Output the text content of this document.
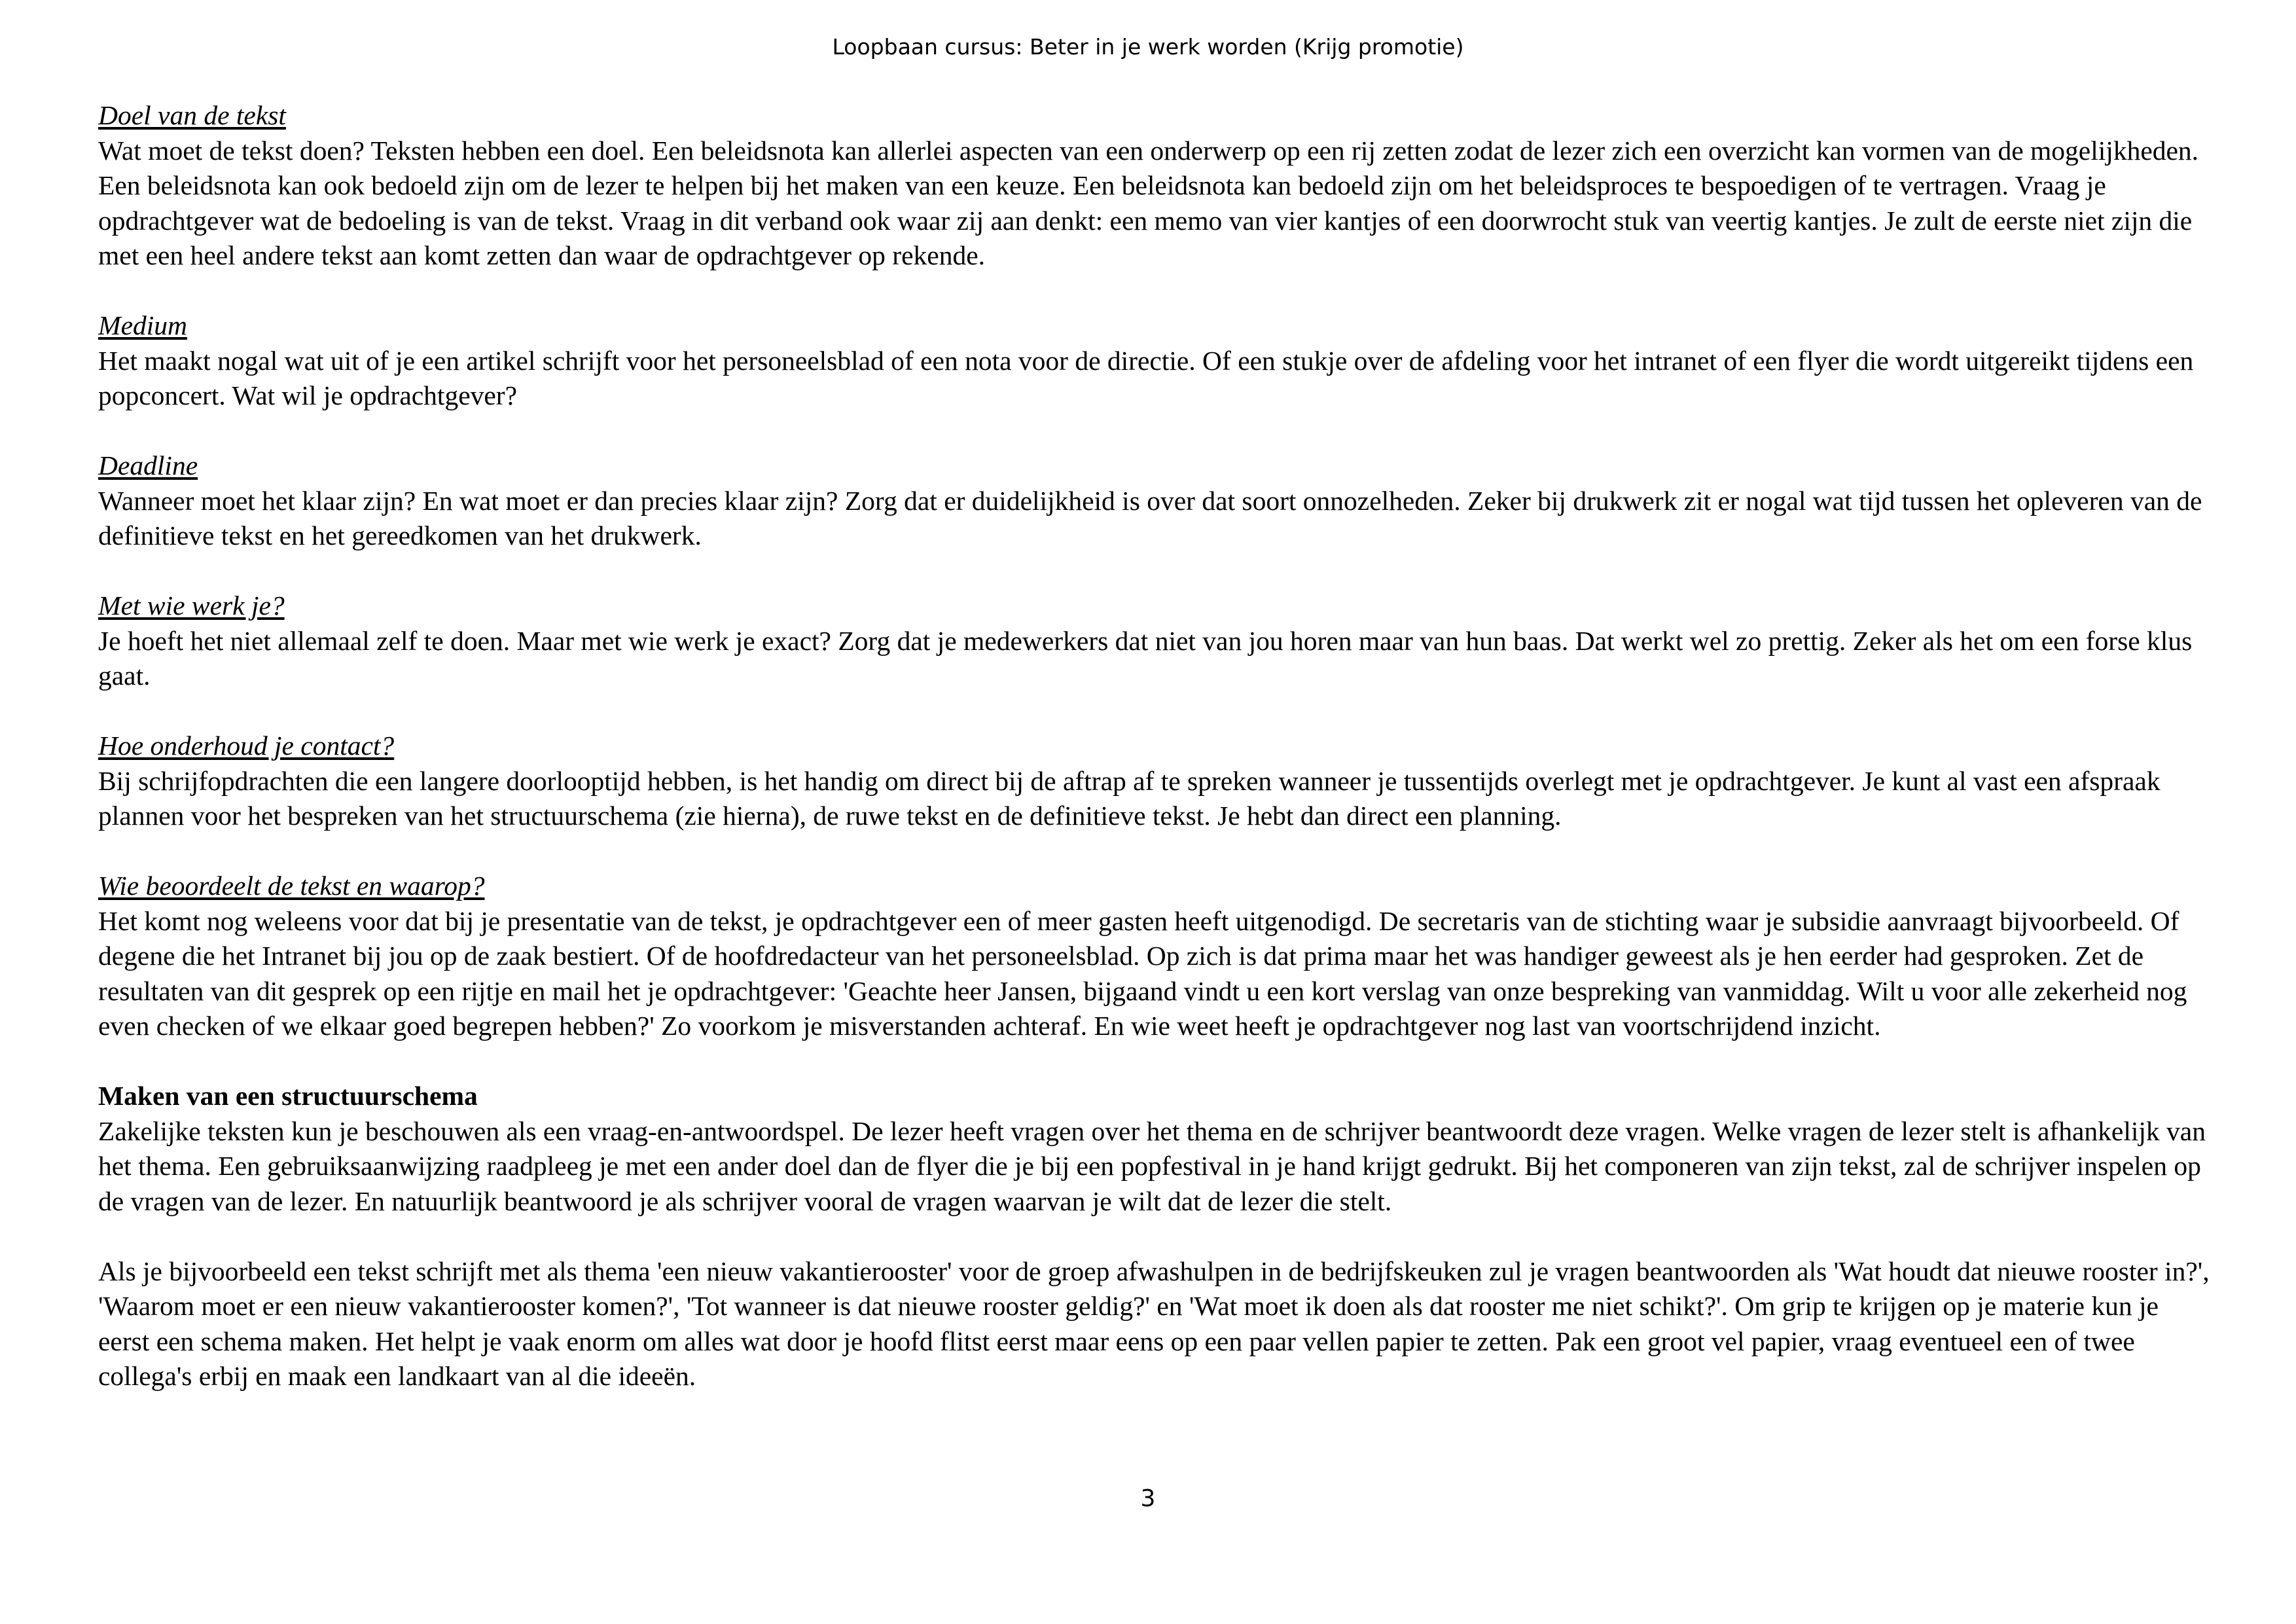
Loopbaan cursus: Beter in je werk worden (Krijg promotie)
Doel van de tekst
Wat moet de tekst doen? Teksten hebben een doel. Een beleidsnota kan allerlei aspecten van een onderwerp op een rij zetten zodat de lezer zich een overzicht kan vormen van de mogelijkheden. Een beleidsnota kan ook bedoeld zijn om de lezer te helpen bij het maken van een keuze. Een beleidsnota kan bedoeld zijn om het beleidsproces te bespoedigen of te vertragen. Vraag je opdrachtgever wat de bedoeling is van de tekst. Vraag in dit verband ook waar zij aan denkt: een memo van vier kantjes of een doorwrocht stuk van veertig kantjes. Je zult de eerste niet zijn die met een heel andere tekst aan komt zetten dan waar de opdrachtgever op rekende.
Medium
Het maakt nogal wat uit of je een artikel schrijft voor het personeelsblad of een nota voor de directie. Of een stukje over de afdeling voor het intranet of een flyer die wordt uitgereikt tijdens een popconcert. Wat wil je opdrachtgever?
Deadline
Wanneer moet het klaar zijn? En wat moet er dan precies klaar zijn? Zorg dat er duidelijkheid is over dat soort onnozelheden. Zeker bij drukwerk zit er nogal wat tijd tussen het opleveren van de definitieve tekst en het gereedkomen van het drukwerk.
Met wie werk je?
Je hoeft het niet allemaal zelf te doen. Maar met wie werk je exact? Zorg dat je medewerkers dat niet van jou horen maar van hun baas. Dat werkt wel zo prettig. Zeker als het om een forse klus gaat.
Hoe onderhoud je contact?
Bij schrijfopdrachten die een langere doorlooptijd hebben, is het handig om direct bij de aftrap af te spreken wanneer je tussentijds overlegt met je opdrachtgever. Je kunt al vast een afspraak plannen voor het bespreken van het structuurschema (zie hierna), de ruwe tekst en de definitieve tekst. Je hebt dan direct een planning.
Wie beoordeelt de tekst en waarop?
Het komt nog weleens voor dat bij je presentatie van de tekst, je opdrachtgever een of meer gasten heeft uitgenodigd. De secretaris van de stichting waar je subsidie aanvraagt bijvoorbeeld. Of degene die het Intranet bij jou op de zaak bestiert. Of de hoofdredacteur van het personeelsblad. Op zich is dat prima maar het was handiger geweest als je hen eerder had gesproken. Zet de resultaten van dit gesprek op een rijtje en mail het je opdrachtgever: 'Geachte heer Jansen, bijgaand vindt u een kort verslag van onze bespreking van vanmiddag. Wilt u voor alle zekerheid nog even checken of we elkaar goed begrepen hebben?' Zo voorkom je misverstanden achteraf. En wie weet heeft je opdrachtgever nog last van voortschrijdend inzicht.
Maken van een structuurschema
Zakelijke teksten kun je beschouwen als een vraag-en-antwoordspel. De lezer heeft vragen over het thema en de schrijver beantwoordt deze vragen. Welke vragen de lezer stelt is afhankelijk van het thema. Een gebruiksaanwijzing raadpleeg je met een ander doel dan de flyer die je bij een popfestival in je hand krijgt gedrukt. Bij het componeren van zijn tekst, zal de schrijver inspelen op de vragen van de lezer. En natuurlijk beantwoord je als schrijver vooral de vragen waarvan je wilt dat de lezer die stelt.
Als je bijvoorbeeld een tekst schrijft met als thema 'een nieuw vakantierooster' voor de groep afwashulpen in de bedrijfskeuken zul je vragen beantwoorden als 'Wat houdt dat nieuwe rooster in?', 'Waarom moet er een nieuw vakantierooster komen?', 'Tot wanneer is dat nieuwe rooster geldig?' en 'Wat moet ik doen als dat rooster me niet schikt?'. Om grip te krijgen op je materie kun je eerst een schema maken. Het helpt je vaak enorm om alles wat door je hoofd flitst eerst maar eens op een paar vellen papier te zetten. Pak een groot vel papier, vraag eventueel een of twee collega's erbij en maak een landkaart van al die ideeën.
3
